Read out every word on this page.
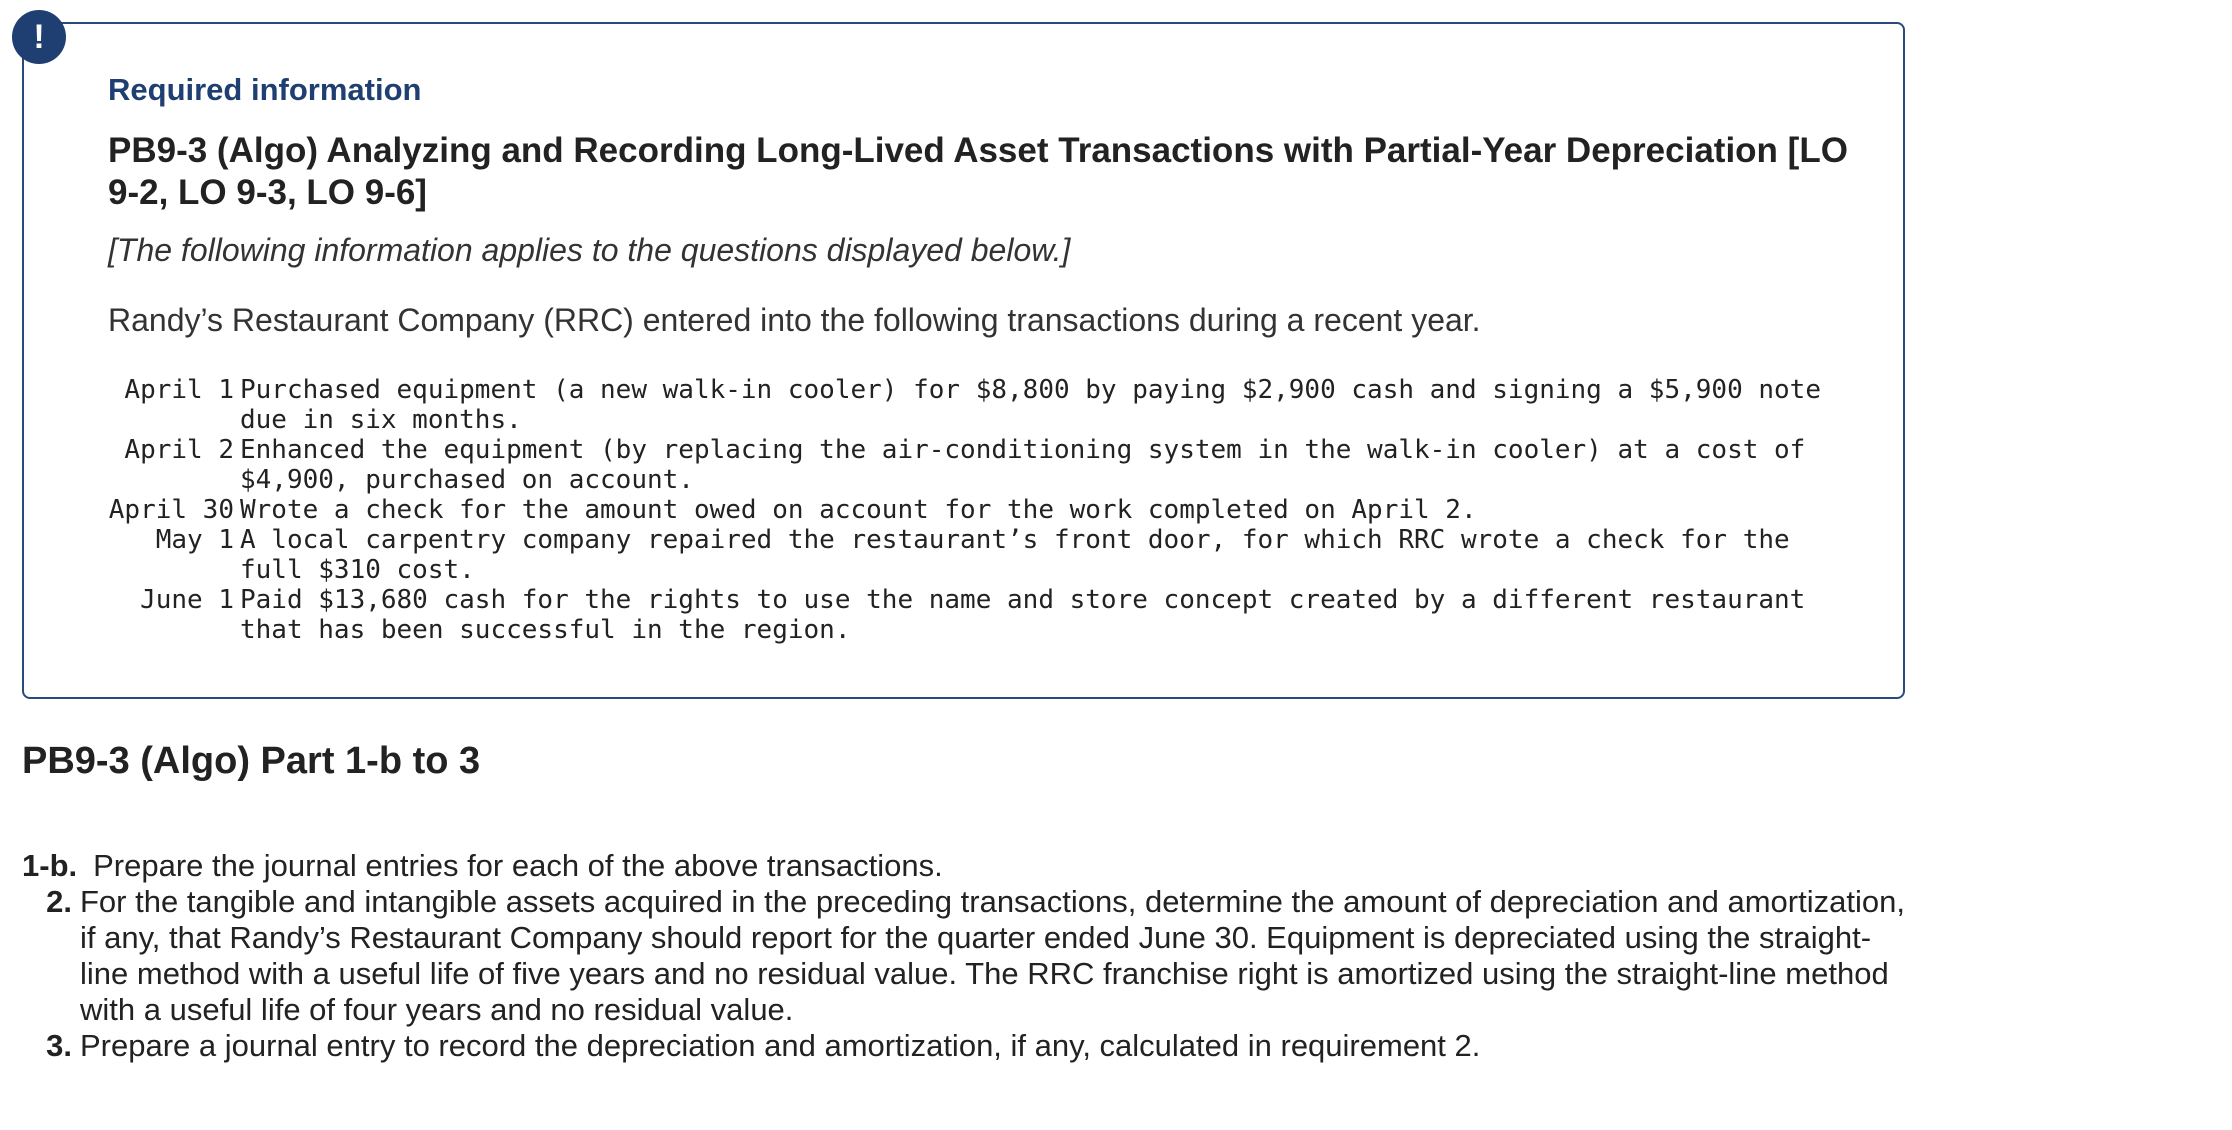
!
Required information
PB9-3 (Algo) Analyzing and Recording Long-Lived Asset Transactions with Partial-Year Depreciation [LO 9-2, LO 9-3, LO 9-6]
[The following information applies to the questions displayed below.]
Randy’s Restaurant Company (RRC) entered into the following transactions during a recent year.
April 1	Purchased equipment (a new walk-in cooler) for $8,800 by paying $2,900 cash and signing a $5,900 note due in six months.
April 2	Enhanced the equipment (by replacing the air-conditioning system in the walk-in cooler) at a cost of $4,900, purchased on account.
April 30	Wrote a check for the amount owed on account for the work completed on April 2.
May 1	A local carpentry company repaired the restaurant’s front door, for which RRC wrote a check for the full $310 cost.
June 1	Paid $13,680 cash for the rights to use the name and store concept created by a different restaurant that has been successful in the region.
PB9-3 (Algo) Part 1-b to 3
1-b. Prepare the journal entries for each of the above transactions.
2. For the tangible and intangible assets acquired in the preceding transactions, determine the amount of depreciation and amortization, if any, that Randy’s Restaurant Company should report for the quarter ended June 30. Equipment is depreciated using the straight-line method with a useful life of five years and no residual value. The RRC franchise right is amortized using the straight-line method with a useful life of four years and no residual value.
3. Prepare a journal entry to record the depreciation and amortization, if any, calculated in requirement 2.
